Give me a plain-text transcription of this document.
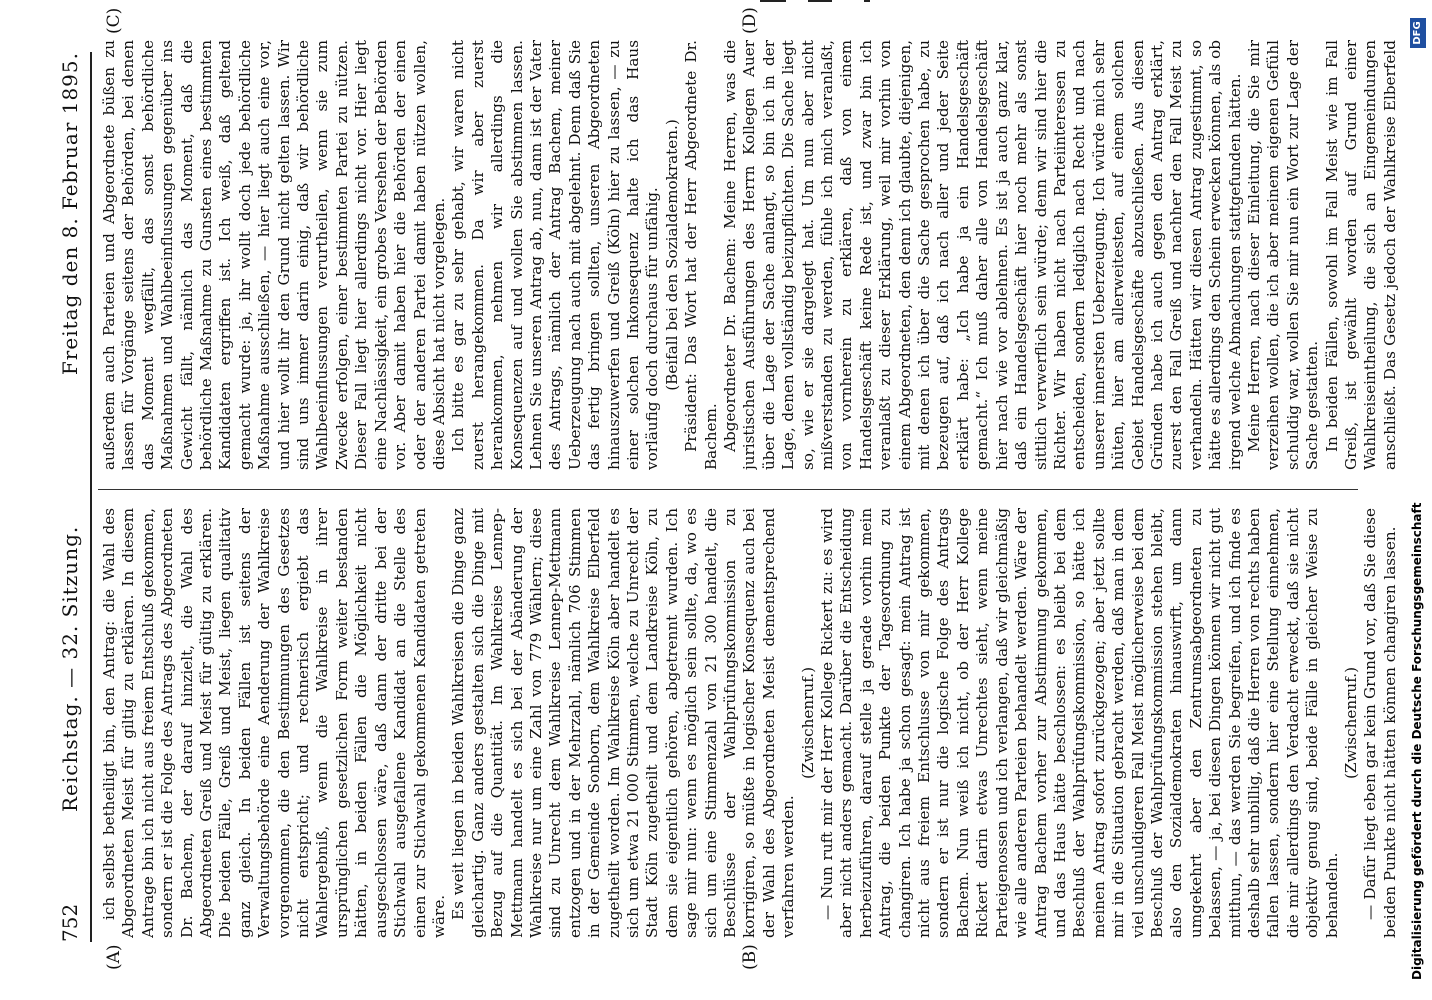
752
Reichstag. — 32. Sitzung.
Freitag den 8. Februar 1895.
(A)	(B)
(C)	(D)

ich selbst betheiligt bin, den Antrag: die Wahl des Abgeordneten Meist für giltig zu erklären. In diesem Antrage bin ich nicht aus freiem Entschluß gekommen, sondern er ist die Folge des Antrags des Abgeordneten Dr. Bachem, der darauf hinzielt, die Wahl des Abgeordneten Greiß und Meist für gültig zu erklären. Die beiden Fälle, Greiß und Meist, liegen qualitativ ganz gleich. In beiden Fällen ist seitens der Verwaltungsbehörde eine Aenderung der Wahlkreise vorgenommen, die den Bestimmungen des Gesetzes nicht entspricht; und rechnerisch ergiebt das Wahlergebniß, wenn die Wahlkreise in ihrer ursprünglichen gesetzlichen Form weiter bestanden hätten, in beiden Fällen die Möglichkeit nicht ausgeschlossen wäre, daß dann der dritte bei der Stichwahl ausgefallene Kandidat an die Stelle des einen zur Stichwahl gekommenen Kandidaten getreten wäre. Es weit liegen in beiden Wahlkreisen die Dinge ganz gleichartig. Ganz anders gestalten sich die Dinge mit Bezug auf die Quantität. Im Wahlkreise Lennep-Mettmann handelt es sich bei der Abänderung der Wahlkreise nur um eine Zahl von 779 Wählern; diese sind zu Unrecht dem Wahlkreise Lennep-Mettmann entzogen und in der Mehrzahl, nämlich 706 Stimmen in der Gemeinde Sonborn, dem Wahlkreise Elberfeld zugetheilt worden. Im Wahlkreise Köln aber handelt es sich um etwa 21 000 Stimmen, welche zu Unrecht der Stadt Köln zugetheilt und dem Landkreise Köln, zu dem sie eigentlich gehören, abgetrennt wurden. Ich sage mir nun: wenn es möglich sein sollte, da, wo es sich um eine Stimmenzahl von 21 300 handelt, die Beschlüsse der Wahlprüfungskommission zu korrigiren, so müßte in logischer Konsequenz auch bei der Wahl des Abgeordneten Meist dementsprechend verfahren werden.

(Zwischenruf.) — Nun ruft mir der Herr Kollege Rickert zu: es wird aber nicht anders gemacht. Darüber die Entscheidung herbeizuführen, darauf stelle ja gerade vorhin mein Antrag, die beiden Punkte der Tagesordnung zu changiren. Ich habe ja schon gesagt: mein Antrag ist nicht aus freiem Entschlusse von mir gekommen, sondern er ist nur die logische Folge des Antrags Bachem. Nun weiß ich nicht, ob der Herr Kollege Rickert darin etwas Unrechtes sieht, wenn meine Parteigenossen und ich verlangen, daß wir gleichmäßig wie alle anderen Parteien behandelt werden. Wäre der Antrag Bachem vorher zur Abstimmung gekommen, und das Haus hätte beschlossen: es bleibt bei dem Beschluß der Wahlprüfungskommission, so hätte ich meinen Antrag sofort zurückgezogen; aber jetzt sollte mir in die Situation gebracht werden, daß man in dem viel unschuldigeren Fall Meist möglicherweise bei dem Beschluß der Wahlprüfungskommission stehen bleibt, also den Sozialdemokraten hinauswirft, um dann umgekehrt aber den Zentrumsabgeordneten zu belassen, — ja, bei diesen Dingen können wir nicht gut mitthun, — das werden Sie begreifen, und ich finde es deshalb sehr unbillig, daß die Herren von rechts haben fallen lassen, sondern hier eine Stellung einnehmen, die mir allerdings den Verdacht erweckt, daß sie nicht objektiv genug sind, beide Fälle in gleicher Weise zu behandeln.

(Zwischenruf.) — Dafür liegt eben gar kein Grund vor, daß Sie diese beiden Punkte nicht hätten können changiren lassen.

außerdem auch Parteien und Abgeordnete büßen zu lassen für Vorgänge seitens der Behörden, bei denen das Moment wegfällt, das sonst behördliche Maßnahmen und Wahlbeeinflussungen gegenüber ins Gewicht fällt, nämlich das Moment, daß die behördliche Maßnahme zu Gunsten eines bestimmten Kandidaten ergriffen ist. Ich weiß, daß geltend gemacht wurde: ja, ihr wollt doch jede behördliche Maßnahme ausschließen, — hier liegt auch eine vor, und hier wollt ihr den Grund nicht gelten lassen. Wir sind uns immer darin einig, daß wir behördliche Wahlbeeinflussungen verurtheilen, wenn sie zum Zwecke erfolgen, einer bestimmten Partei zu nützen. Dieser Fall liegt hier allerdings nicht vor. Hier liegt eine Nachlässigkeit, ein grobes Versehen der Behörden vor. Aber damit haben hier die Behörden der einen oder der anderen Partei damit haben nützen wollen, diese Absicht hat nicht vorgelegen. Ich bitte es gar zu sehr gehabt, wir waren nicht zuerst herangekommen. Da wir aber zuerst herankommen, nehmen wir allerdings die Konsequenzen auf und wollen Sie abstimmen lassen. Lehnen Sie unseren Antrag ab, nun, dann ist der Vater des Antrags, nämlich der Antrag Bachem, meiner Ueberzeugung nach auch mit abgelehnt. Denn daß Sie das fertig bringen sollten, unseren Abgeordneten hinauszuwerfen und Greiß (Köln) hier zu lassen, — zu einer solchen Inkonsequenz halte ich das Haus vorläufig doch durchaus für unfähig. (Beifall bei den Sozialdemokraten.) Präsident: Das Wort hat der Herr Abgeordnete Dr. Bachem. Abgeordneter Dr. Bachem: Meine Herren, was die juristischen Ausführungen des Herrn Kollegen Auer über die Lage der Sache anlangt, so bin ich in der Lage, denen vollständig beizupflichten. Die Sache liegt so, wie er sie dargelegt hat. Um nun aber nicht mißverstanden zu werden, fühle ich mich veranlaßt, von vornherein zu erklären, daß von einem Handelsgeschäft keine Rede ist, und zwar bin ich veranlaßt zu dieser Erklärung, weil mir vorhin von einem Abgeordneten, den denn ich glaubte, diejenigen, mit denen ich über die Sache gesprochen habe, zu bezeugen auf, daß ich nach aller und jeder Seite erklärt habe: „Ich habe ja ein Handelsgeschäft gemacht.“ Ich muß daher alle von Handelsgeschäft hier nach wie vor ablehnen. Es ist ja auch ganz klar, daß ein Handelsgeschäft hier noch mehr als sonst sittlich verwerflich sein würde; denn wir sind hier die Richter. Wir haben nicht nach Parteiinteressen zu entscheiden, sondern lediglich nach Recht und nach unserer innersten Ueberzeugung. Ich würde mich sehr hüten, hier am allerweitesten, auf einem solchen Gebiet Handelsgeschäfte abzuschließen. Aus diesen Gründen habe ich auch gegen den Antrag erklärt, zuerst den Fall Greiß und nachher den Fall Meist zu verhandeln. Hätten wir diesen Antrag zugestimmt, so hätte es allerdings den Schein erwecken können, als ob irgend welche Abmachungen stattgefunden hätten. Meine Herren, nach dieser Einleitung, die Sie mir verzeihen wollen, die ich aber meinem eigenen Gefühl schuldig war, wollen Sie mir nun ein Wort zur Lage der Sache gestatten. In beiden Fällen, sowohl im Fall Meist wie im Fall Greiß, ist gewählt worden auf Grund einer Wahlkreiseintheilung, die sich an Eingemeindungen anschließt. Das Gesetz jedoch der Wahlkreise Elberfeld

DFG
Digitalisierung gefördert durch die Deutsche Forschungsgemeinschaft
